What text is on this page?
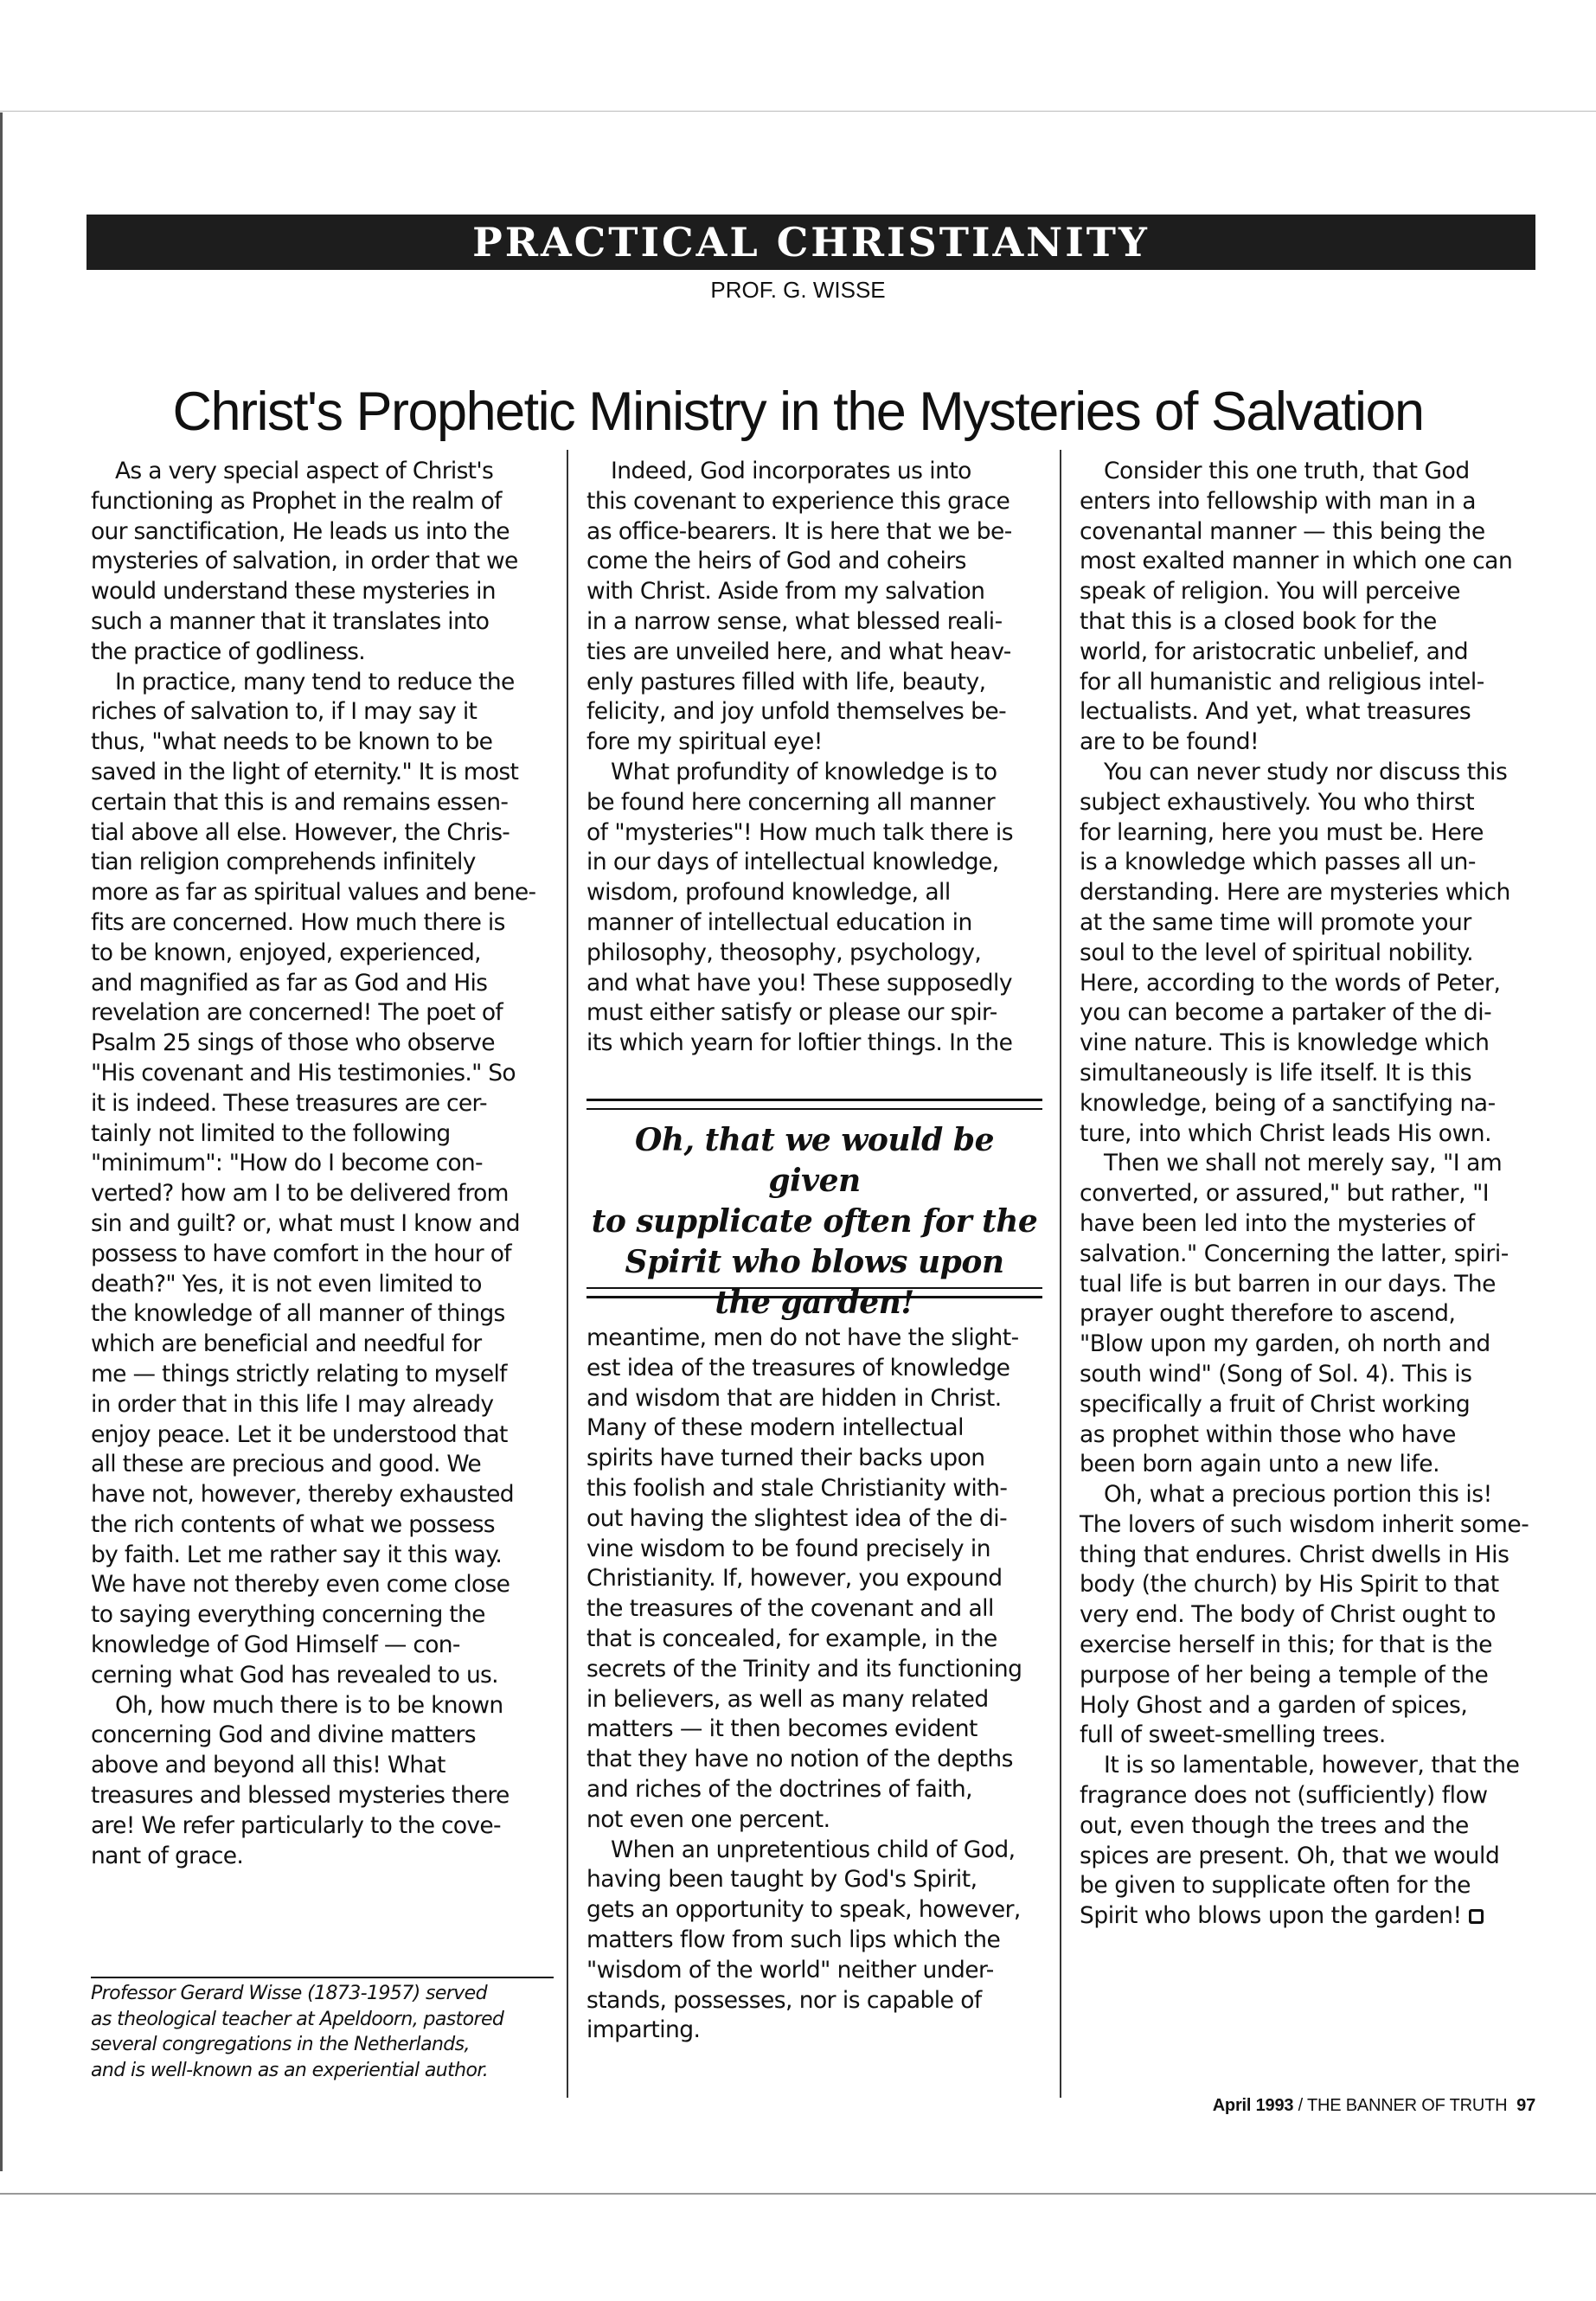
PRACTICAL CHRISTIANITY
PROF. G. WISSE
Christ's Prophetic Ministry in the Mysteries of Salvation
As a very special aspect of Christ's
functioning as Prophet in the realm of
our sanctification, He leads us into the
mysteries of salvation, in order that we
would understand these mysteries in
such a manner that it translates into
the practice of godliness.
In practice, many tend to reduce the
riches of salvation to, if I may say it
thus, "what needs to be known to be
saved in the light of eternity." It is most
certain that this is and remains essen-
tial above all else. However, the Chris-
tian religion comprehends infinitely
more as far as spiritual values and bene-
fits are concerned. How much there is
to be known, enjoyed, experienced,
and magnified as far as God and His
revelation are concerned! The poet of
Psalm 25 sings of those who observe
"His covenant and His testimonies." So
it is indeed. These treasures are cer-
tainly not limited to the following
"minimum": "How do I become con-
verted? how am I to be delivered from
sin and guilt? or, what must I know and
possess to have comfort in the hour of
death?" Yes, it is not even limited to
the knowledge of all manner of things
which are beneficial and needful for
me — things strictly relating to myself
in order that in this life I may already
enjoy peace. Let it be understood that
all these are precious and good. We
have not, however, thereby exhausted
the rich contents of what we possess
by faith. Let me rather say it this way.
We have not thereby even come close
to saying everything concerning the
knowledge of God Himself — con-
cerning what God has revealed to us.
Oh, how much there is to be known
concerning God and divine matters
above and beyond all this! What
treasures and blessed mysteries there
are! We refer particularly to the cove-
nant of grace.
Indeed, God incorporates us into
this covenant to experience this grace
as office-bearers. It is here that we be-
come the heirs of God and coheirs
with Christ. Aside from my salvation
in a narrow sense, what blessed reali-
ties are unveiled here, and what heav-
enly pastures filled with life, beauty,
felicity, and joy unfold themselves be-
fore my spiritual eye!
What profundity of knowledge is to
be found here concerning all manner
of "mysteries"! How much talk there is
in our days of intellectual knowledge,
wisdom, profound knowledge, all
manner of intellectual education in
philosophy, theosophy, psychology,
and what have you! These supposedly
must either satisfy or please our spir-
its which yearn for loftier things. In the
Oh, that we would be given
to supplicate often for the
Spirit who blows upon
the garden!
meantime, men do not have the slight-
est idea of the treasures of knowledge
and wisdom that are hidden in Christ.
Many of these modern intellectual
spirits have turned their backs upon
this foolish and stale Christianity with-
out having the slightest idea of the di-
vine wisdom to be found precisely in
Christianity. If, however, you expound
the treasures of the covenant and all
that is concealed, for example, in the
secrets of the Trinity and its functioning
in believers, as well as many related
matters — it then becomes evident
that they have no notion of the depths
and riches of the doctrines of faith,
not even one percent.
When an unpretentious child of God,
having been taught by God's Spirit,
gets an opportunity to speak, however,
matters flow from such lips which the
"wisdom of the world" neither under-
stands, possesses, nor is capable of
imparting.
Consider this one truth, that God
enters into fellowship with man in a
covenantal manner — this being the
most exalted manner in which one can
speak of religion. You will perceive
that this is a closed book for the
world, for aristocratic unbelief, and
for all humanistic and religious intel-
lectualists. And yet, what treasures
are to be found!
You can never study nor discuss this
subject exhaustively. You who thirst
for learning, here you must be. Here
is a knowledge which passes all un-
derstanding. Here are mysteries which
at the same time will promote your
soul to the level of spiritual nobility.
Here, according to the words of Peter,
you can become a partaker of the di-
vine nature. This is knowledge which
simultaneously is life itself. It is this
knowledge, being of a sanctifying na-
ture, into which Christ leads His own.
Then we shall not merely say, "I am
converted, or assured," but rather, "I
have been led into the mysteries of
salvation." Concerning the latter, spiri-
tual life is but barren in our days. The
prayer ought therefore to ascend,
"Blow upon my garden, oh north and
south wind" (Song of Sol. 4). This is
specifically a fruit of Christ working
as prophet within those who have
been born again unto a new life.
Oh, what a precious portion this is!
The lovers of such wisdom inherit some-
thing that endures. Christ dwells in His
body (the church) by His Spirit to that
very end. The body of Christ ought to
exercise herself in this; for that is the
purpose of her being a temple of the
Holy Ghost and a garden of spices,
full of sweet-smelling trees.
It is so lamentable, however, that the
fragrance does not (sufficiently) flow
out, even though the trees and the
spices are present. Oh, that we would
be given to supplicate often for the
Spirit who blows upon the garden!
Professor Gerard Wisse (1873-1957) served
as theological teacher at Apeldoorn, pastored
several congregations in the Netherlands,
and is well-known as an experiential author.
April 1993 / THE BANNER OF TRUTH 97
